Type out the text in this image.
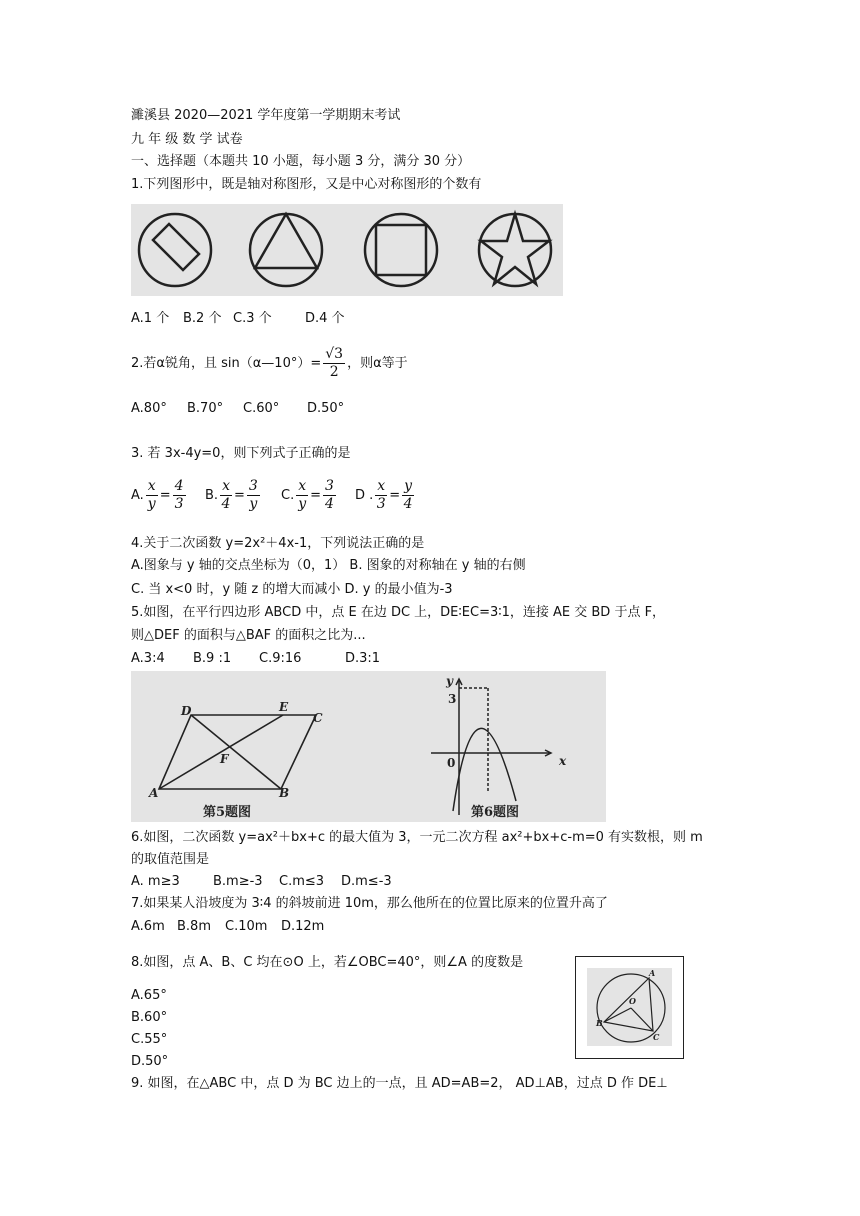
濉溪县 2020—2021 学年度第一学期期末考试
九 年 级 数 学 试卷
一、选择题（本题共 10 小题，每小题 3 分，满分 30 分）
1.下列图形中，既是轴对称图形，又是中心对称图形的个数有
A.1 个 B.2 个 C.3 个	D.4 个
2.若α锐角，且 sin（α—10°）= $\frac{√3}{2}$ ，则α等于
A.80° B.70° C.60° D.50°
3. 若 3x-4y=0，则下列式子正确的是
A. $\frac{x}{y} = \frac{4}{3} B$. $\frac{x}{4} = \frac{3}{y} C$. $\frac{x}{y} = \frac{3}{4}$ D . $\frac{x}{3} = \frac{y}{4}$
4.关于二次函数 y=2x²＋4x-1，下列说法正确的是
A.图象与 y 轴的交点坐标为（0，1） B. 图象的对称轴在 y 轴的右侧
C. 当 x<0 时，y 随 z 的增大而减小 D. y 的最小值为-3
5.如图，在平行四边形 ABCD 中，点 E 在边 DC 上，DE∶EC=3∶1，连接 AE 交 BD 于点 F，
则△DEF 的面积与△BAF 的面积之比为...
A.3:4 B.9 :1 C.9:16	D.3:1
D	E
C
F
A	B
第5题图
y
3
0	x
第6题图
6.如图，二次函数 y=ax²＋bx+c 的最大值为 3，一元二次方程 ax²+bx+c-m=0 有实数根，则 m
的取值范围是
A. m≥3	B.m≥-3 C.m≤3 D.m≤-3
7.如果某人沿坡度为 3∶4 的斜坡前进 10m，那么他所在的位置比原来的位置升高了
A.6m B.8m C.10m D.12m
8.如图，点 A、B、C 均在⊙O 上，若∠OBC=40°，则∠A 的度数是
A.65°
B.60°
C.55°
D.50°
A
O
B
C
9. 如图，在△ABC 中，点 D 为 BC 边上的一点，且 AD=AB=2， AD⊥AB，过点 D 作 DE⊥
